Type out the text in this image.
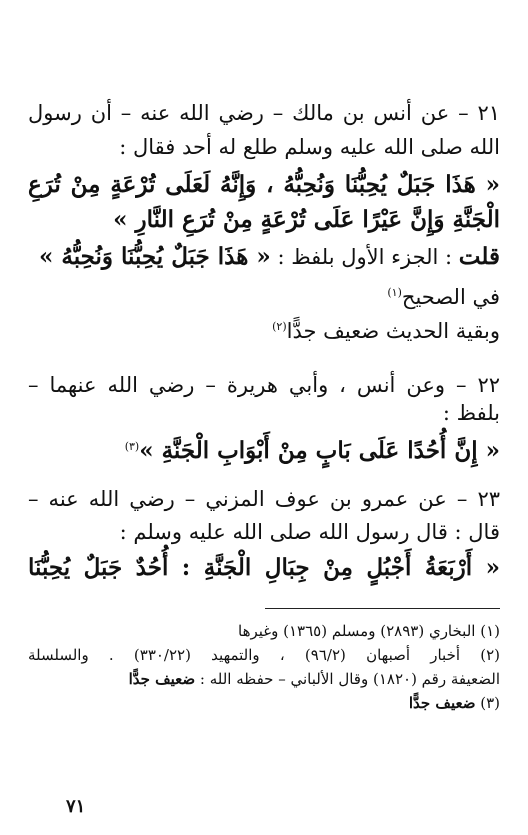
٢١ – عن أنس بن مالك – رضي الله عنه – أن رسول
الله صلى الله عليه وسلم طلع له أحد فقال :
« هَذَا جَبَلٌ يُحِبُّنَا وَنُحِبُّهُ ، وَإِنَّهُ لَعَلَى تُرْعَةٍ مِنْ تُرَعِ
الْجَنَّةِ وَإِنَّ عَيْرًا عَلَى تُرْعَةٍ مِنْ تُرَعِ النَّارِ »
قلت : الجزء الأول بلفظ : « هَذَا جَبَلٌ يُحِبُّنَا وَنُحِبُّهُ »
في الصحيح$^{(١)}$
وبقية الحديث ضعيف جدًّا$^{(٢)}$
٢٢ – وعن أنس ، وأبي هريرة – رضي الله عنهما –
بلفظ :
« إِنَّ أُحُدًا عَلَى بَابٍ مِنْ أَبْوَابِ الْجَنَّةِ »$^{(٣)}$
٢٣ – عن عمرو بن عوف المزني – رضي الله عنه –
قال : قال رسول الله صلى الله عليه وسلم :
« أَرْبَعَةُ أَجْبُلٍ مِنْ جِبَالِ الْجَنَّةِ : أُحُدٌ جَبَلٌ يُحِبُّنَا
(١) البخاري (٢٨٩٣) ومسلم (١٣٦٥) وغيرها
(٢) أخبار أصبهان (٩٦/٢) ، والتمهيد (٣٣٠/٢٢) . والسلسلة
الضعيفة رقم (١٨٢٠) وقال الألباني – حفظه الله : ضعيف جدًّا
(٣) ضعيف جدًّا
٧١
